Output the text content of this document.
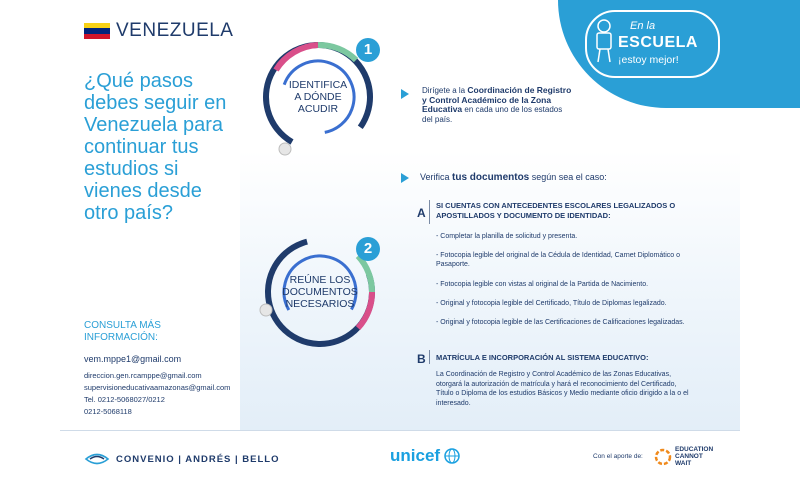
VENEZUELA
¿Qué pasos debes seguir en Venezuela para continuar tus estudios si vienes desde otro país?
CONSULTA MÁS
INFORMACIÓN:
vem.mppe1@gmail.com
direccion.gen.rcamppe@gmail.com
supervisioneducativaamazonas@gmail.com
Tel. 0212-5068027/0212
0212-5068118
IDENTIFICA
A DÓNDE
ACUDIR
1
Dirígete a la Coordinación de Registro y Control Académico de la Zona Educativa en cada uno de los estados del país.
REÚNE LOS
DOCUMENTOS
NECESARIOS
2
Verifica tus documentos según sea el caso:
A
SI CUENTAS CON ANTECEDENTES ESCOLARES LEGALIZADOS O APOSTILLADOS Y DOCUMENTO DE IDENTIDAD:
- Completar la planilla de solicitud y presenta.
- Fotocopia legible del original de la Cédula de Identidad, Carnet Diplomático o Pasaporte.
- Fotocopia legible con vistas al original de la Partida de Nacimiento.
- Original y fotocopia legible del Certificado, Título de Diplomas legalizado.
- Original y fotocopia legible de las Certificaciones de Calificaciones legalizadas.
B MATRÍCULA E INCORPORACIÓN AL SISTEMA EDUCATIVO:
La Coordinación de Registro y Control Académico de las Zonas Educativas, otorgará la autorización de matrícula y hará el reconocimiento del Certificado, Título o Diploma de los estudios Básicos y Medio mediante oficio dirigido a la o el interesado.
En la
ESCUELA
¡estoy mejor!
CONVENIO | ANDRÉS | BELLO	unicef	Con el aporte de:
EDUCATION
CANNOT
WAIT
